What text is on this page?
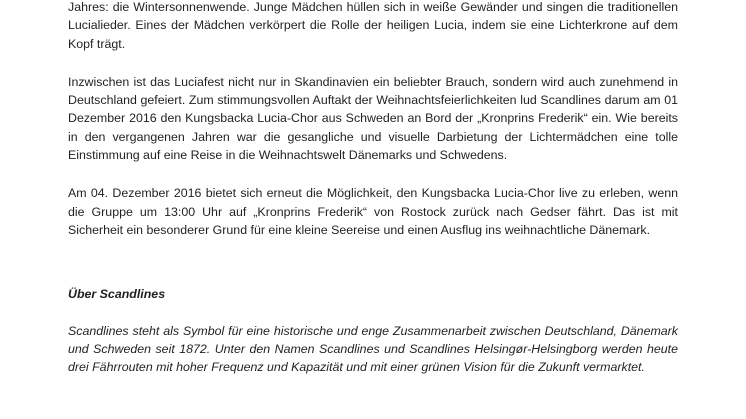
Jahres: die Wintersonnenwende. Junge Mädchen hüllen sich in weiße Gewänder und singen die traditionellen Lucialieder. Eines der Mädchen verkörpert die Rolle der heiligen Lucia, indem sie eine Lichterkrone auf dem Kopf trägt.

Inzwischen ist das Luciafest nicht nur in Skandinavien ein beliebter Brauch, sondern wird auch zunehmend in Deutschland gefeiert. Zum stimmungsvollen Auftakt der Weihnachtsfeierlichkeiten lud Scandlines darum am 01 Dezember 2016 den Kungsbacka Lucia-Chor aus Schweden an Bord der „Kronprins Frederik“ ein. Wie bereits in den vergangenen Jahren war die gesangliche und visuelle Darbietung der Lichtermädchen eine tolle Einstimmung auf eine Reise in die Weihnachtswelt Dänemarks und Schwedens.

Am 04. Dezember 2016 bietet sich erneut die Möglichkeit, den Kungsbacka Lucia-Chor live zu erleben, wenn die Gruppe um 13:00 Uhr auf „Kronprins Frederik“ von Rostock zurück nach Gedser fährt. Das ist mit Sicherheit ein besonderer Grund für eine kleine Seereise und einen Ausflug ins weihnachtliche Dänemark.

Über Scandlines

Scandlines steht als Symbol für eine historische und enge Zusammenarbeit zwischen Deutschland, Dänemark und Schweden seit 1872. Unter den Namen Scandlines und Scandlines Helsingør-Helsingborg werden heute drei Fährrouten mit hoher Frequenz und Kapazität und mit einer grünen Vision für die Zukunft vermarktet.
